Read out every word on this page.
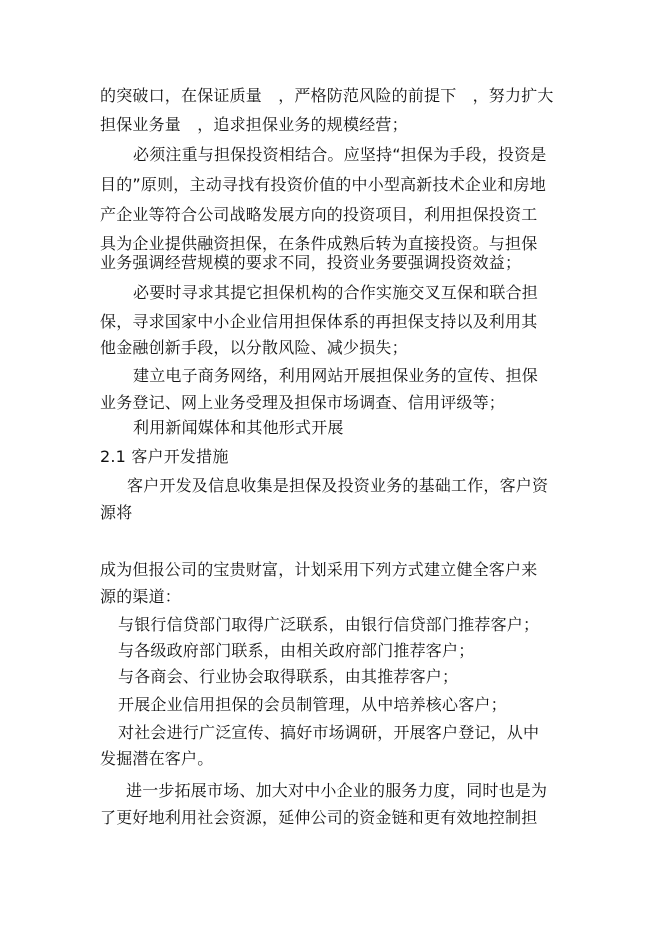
的突破口，在保证质量　，严格防范风险的前提下　，努力扩大
担保业务量　，追求担保业务的规模经营；
必须注重与担保投资相结合。应坚持“担保为手段，投资是
目的”原则，主动寻找有投资价值的中小型高新技术企业和房地
产企业等符合公司战略发展方向的投资项目，利用担保投资工
具为企业提供融资担保，在条件成熟后转为直接投资。与担保
业务强调经营规模的要求不同，投资业务要强调投资效益；
必要时寻求其提它担保机构的合作实施交叉互保和联合担
保，寻求国家中小企业信用担保体系的再担保支持以及利用其
他金融创新手段，以分散风险、减少损失；
建立电子商务网络，利用网站开展担保业务的宣传、担保
业务登记、网上业务受理及担保市场调查、信用评级等；
利用新闻媒体和其他形式开展
2.1 客户开发措施
客户开发及信息收集是担保及投资业务的基础工作，客户资
源将
成为但报公司的宝贵财富，计划采用下列方式建立健全客户来
源的渠道：
与银行信贷部门取得广泛联系，由银行信贷部门推荐客户；
与各级政府部门联系，由相关政府部门推荐客户；
与各商会、行业协会取得联系，由其推荐客户；
开展企业信用担保的会员制管理，从中培养核心客户；
对社会进行广泛宣传、搞好市场调研，开展客户登记，从中
发掘潜在客户。
进一步拓展市场、加大对中小企业的服务力度，同时也是为
了更好地利用社会资源，延伸公司的资金链和更有效地控制担
